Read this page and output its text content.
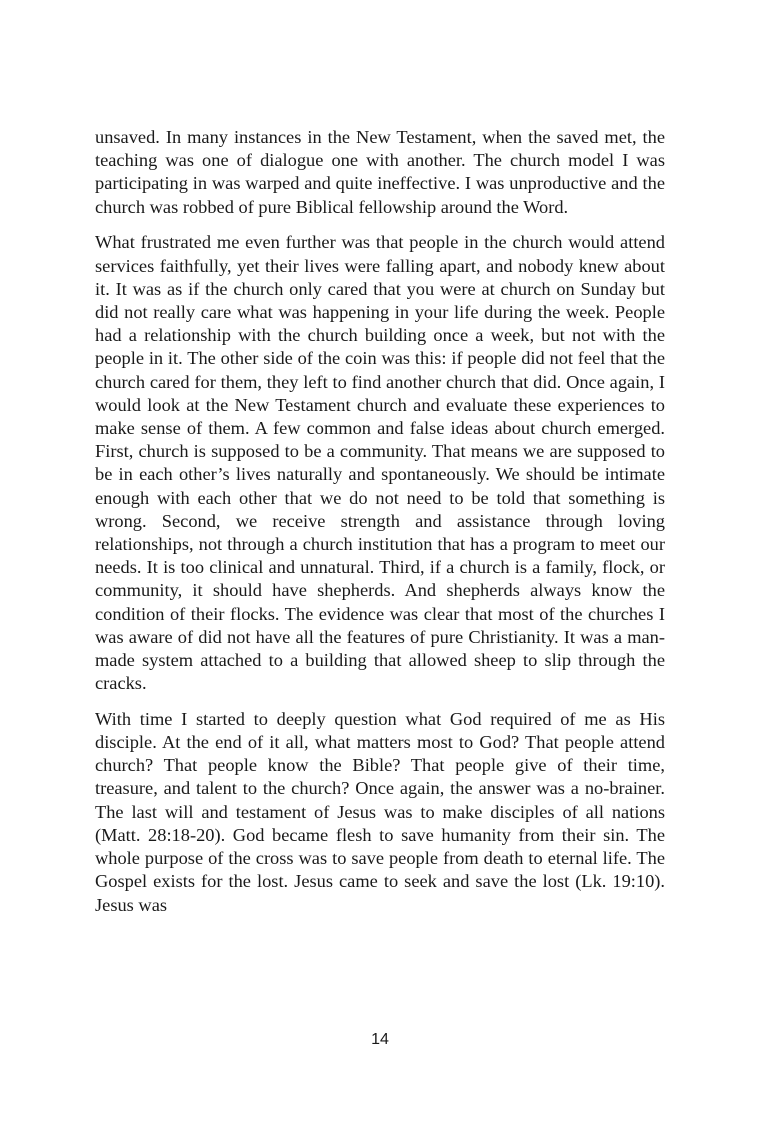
unsaved. In many instances in the New Testament, when the saved met, the teaching was one of dialogue one with another. The church model I was participating in was warped and quite ineffective. I was unproductive and the church was robbed of pure Biblical fellowship around the Word.

What frustrated me even further was that people in the church would attend services faithfully, yet their lives were falling apart, and nobody knew about it. It was as if the church only cared that you were at church on Sunday but did not really care what was happening in your life during the week. People had a relationship with the church building once a week, but not with the people in it. The other side of the coin was this: if people did not feel that the church cared for them, they left to find another church that did. Once again, I would look at the New Testament church and evaluate these experiences to make sense of them. A few common and false ideas about church emerged. First, church is supposed to be a community. That means we are supposed to be in each other’s lives naturally and spontaneously. We should be intimate enough with each other that we do not need to be told that something is wrong. Second, we receive strength and assistance through loving relationships, not through a church institution that has a program to meet our needs. It is too clinical and unnatural. Third, if a church is a family, flock, or community, it should have shepherds. And shepherds always know the condition of their flocks. The evidence was clear that most of the churches I was aware of did not have all the features of pure Christianity. It was a man-made system attached to a building that allowed sheep to slip through the cracks.

With time I started to deeply question what God required of me as His disciple. At the end of it all, what matters most to God? That people attend church? That people know the Bible? That people give of their time, treasure, and talent to the church? Once again, the answer was a no-brainer. The last will and testament of Jesus was to make disciples of all nations (Matt. 28:18-20). God became flesh to save humanity from their sin. The whole purpose of the cross was to save people from death to eternal life. The Gospel exists for the lost. Jesus came to seek and save the lost (Lk. 19:10). Jesus was

14
